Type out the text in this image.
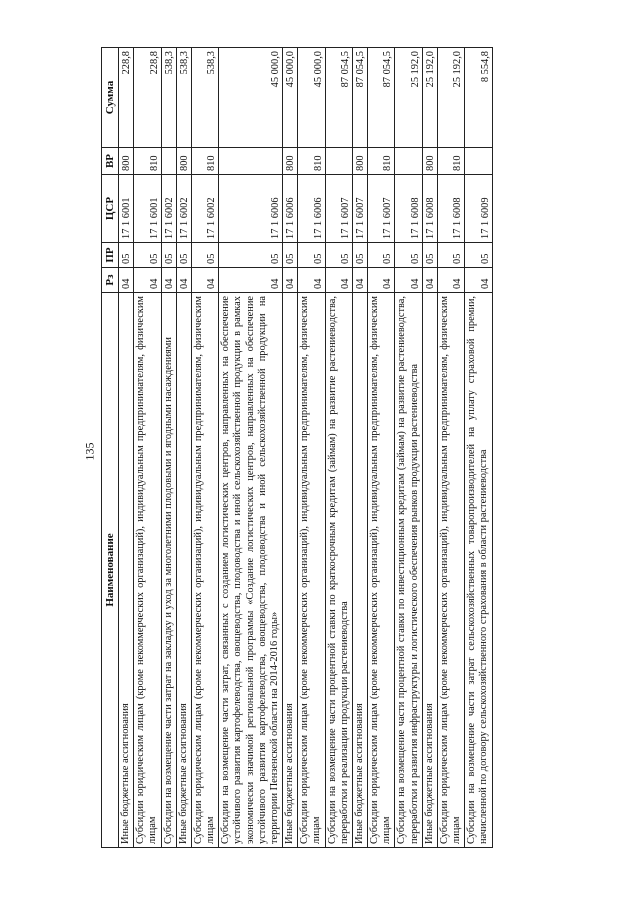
135
Наименование	Рз	ПР	ЦСР	ВР	Сумма
Иные бюджетные ассигнования	04	05	17 1 6001	800	228,8
Субсидии юридическим лицам (кроме некоммерческих организаций), индивидуальным предпринимателям, физическим лицам	04	05	17 1 6001	810	228,8
Субсидии на возмещение части затрат на закладку и уход за многолетними плодовыми и ягодными насаждениями	04	05	17 1 6002		538,3
Иные бюджетные ассигнования	04	05	17 1 6002	800	538,3
Субсидии юридическим лицам (кроме некоммерческих организаций), индивидуальным предпринимателям, физическим лицам	04	05	17 1 6002	810	538,3
Субсидии на возмещение части затрат, связанных с созданием логистических центров, направленных на обеспечение устойчивого развития картофелеводства, овощеводства, плодоводства и иной сельскохозяйственной продукции в рамках экономически значимой региональной программы «Создание логистических центров, направленных на обеспечение устойчивого развития картофелеводства, овощеводства, плодоводства и иной сельскохозяйственной продукции на территории Пензенской области на 2014-2016 годы»	04	05	17 1 6006		45 000,0
Иные бюджетные ассигнования	04	05	17 1 6006	800	45 000,0
Субсидии юридическим лицам (кроме некоммерческих организаций), индивидуальным предпринимателям, физическим лицам	04	05	17 1 6006	810	45 000,0
Субсидии на возмещение части процентной ставки по краткосрочным кредитам (займам) на развитие растениеводства, переработки и реализации продукции растениеводства	04	05	17 1 6007		87 054,5
Иные бюджетные ассигнования	04	05	17 1 6007	800	87 054,5
Субсидии юридическим лицам (кроме некоммерческих организаций), индивидуальным предпринимателям, физическим лицам	04	05	17 1 6007	810	87 054,5
Субсидии на возмещение части процентной ставки по инвестиционным кредитам (займам) на развитие растениеводства, переработки и развития инфраструктуры и логистического обеспечения рынков продукции растениеводства	04	05	17 1 6008		25 192,0
Иные бюджетные ассигнования	04	05	17 1 6008	800	25 192,0
Субсидии юридическим лицам (кроме некоммерческих организаций), индивидуальным предпринимателям, физическим лицам	04	05	17 1 6008	810	25 192,0
Субсидии на возмещение части затрат сельскохозяйственных товаропроизводителей на уплату страховой премии, начисленной по договору сельскохозяйственного страхования в области растениеводства	04	05	17 1 6009		8 554,8
